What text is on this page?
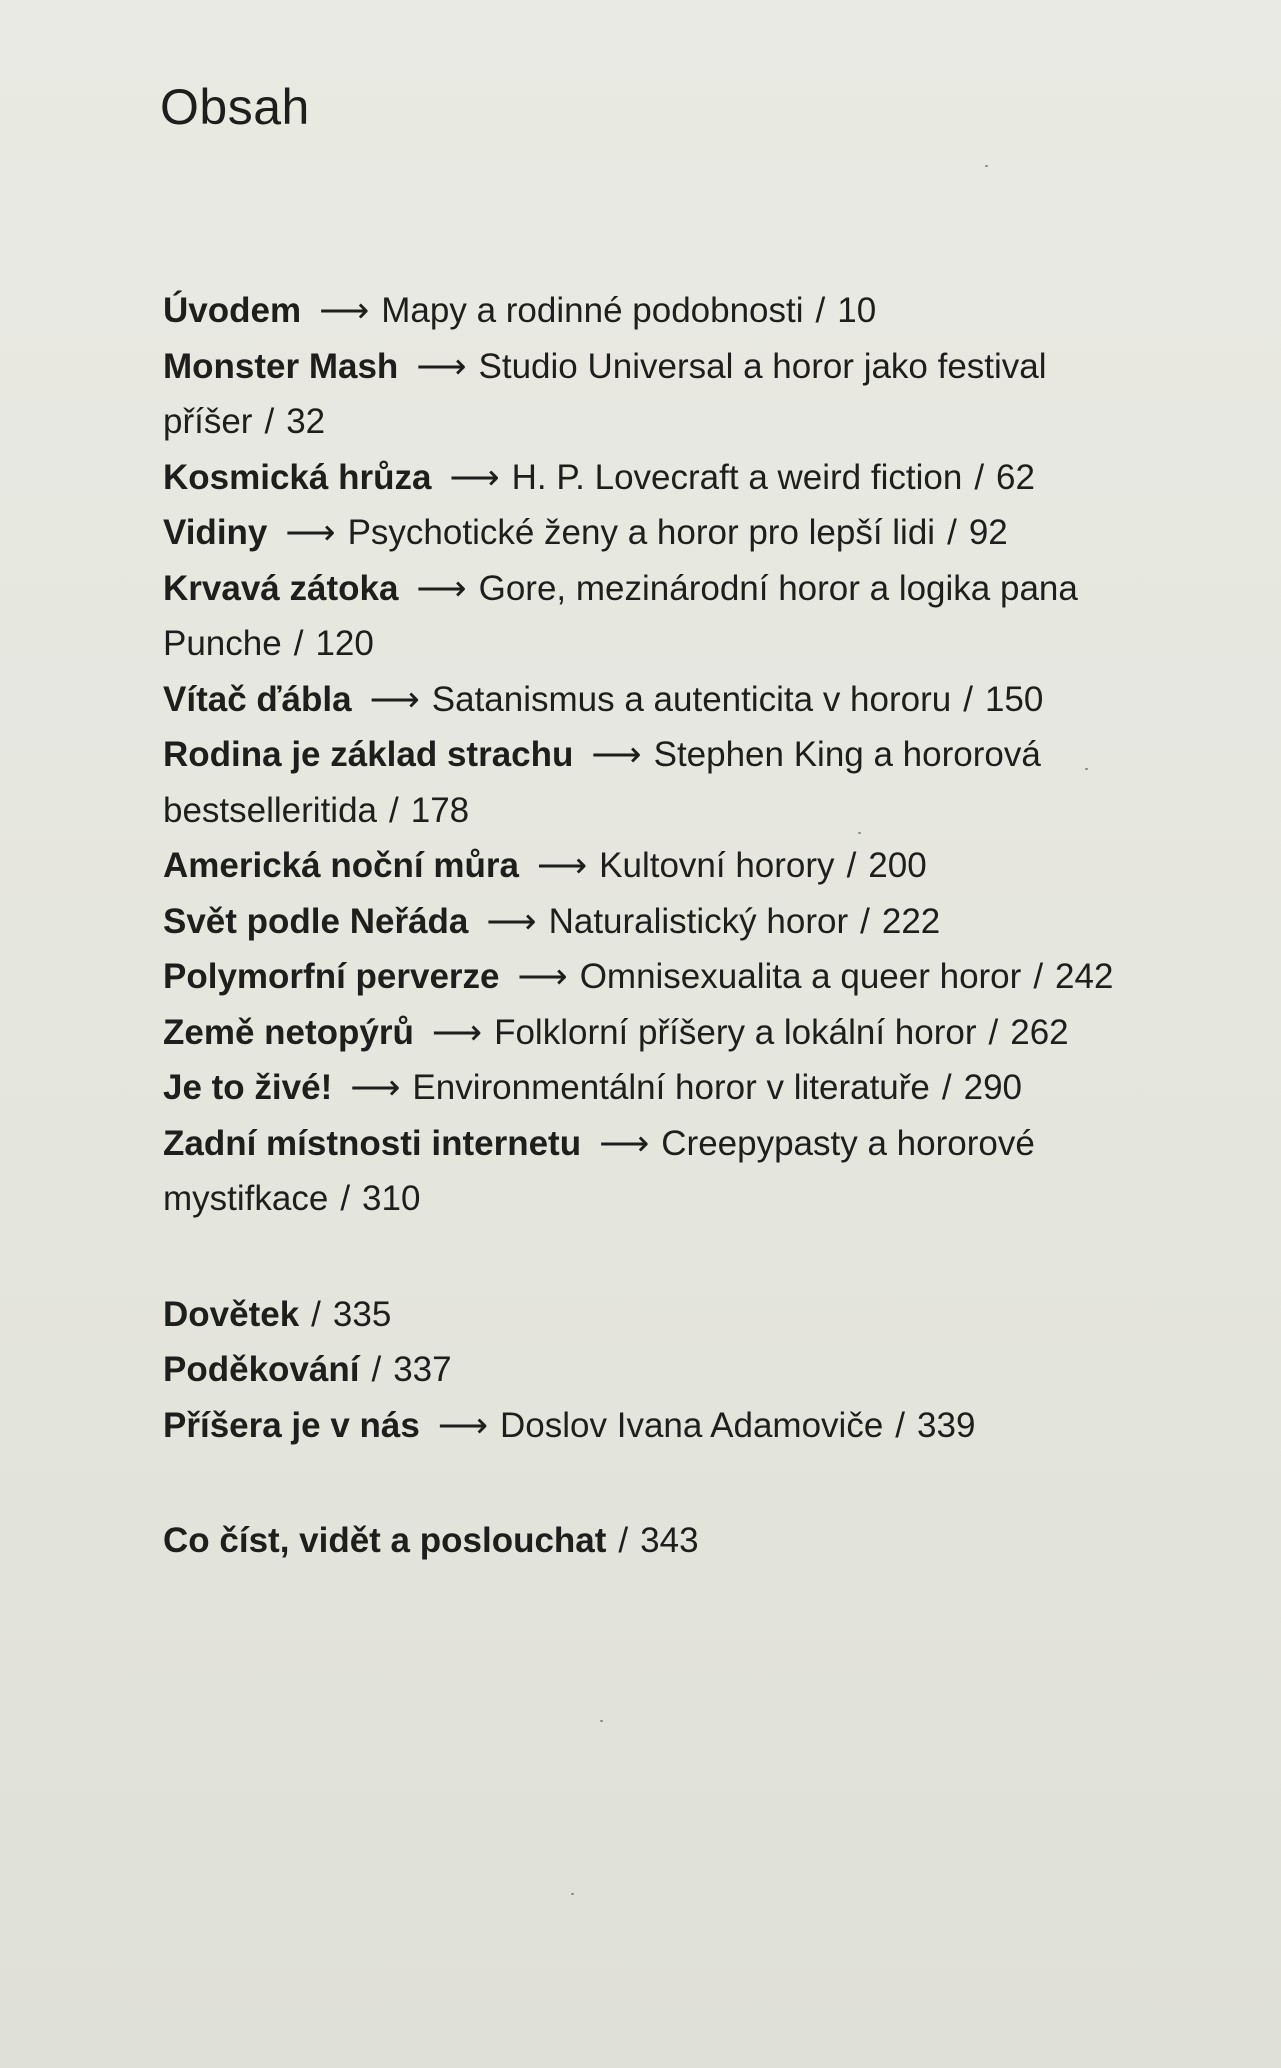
Obsah

Úvodem ⟶ Mapy a rodinné podobnosti / 10

Monster Mash ⟶ Studio Universal a horor jako festival příšer / 32

Kosmická hrůza ⟶ H. P. Lovecraft a weird fiction / 62

Vidiny ⟶ Psychotické ženy a horor pro lepší lidi / 92

Krvavá zátoka ⟶ Gore, mezinárodní horor a logika pana Punche / 120

Vítač ďábla ⟶ Satanismus a autenticita v hororu / 150

Rodina je základ strachu ⟶ Stephen King a hororová bestselleritida / 178

Americká noční můra ⟶ Kultovní horory / 200

Svět podle Neřáda ⟶ Naturalistický horor / 222

Polymorfní perverze ⟶ Omnisexualita a queer horor / 242

Země netopýrů ⟶ Folklorní příšery a lokální horor / 262

Je to živé! ⟶ Environmentální horor v literatuře / 290

Zadní místnosti internetu ⟶ Creepypasty a hororové mystifkace / 310

Dovětek / 335

Poděkování / 337

Příšera je v nás ⟶ Doslov Ivana Adamoviče / 339

Co číst, vidět a poslouchat / 343
